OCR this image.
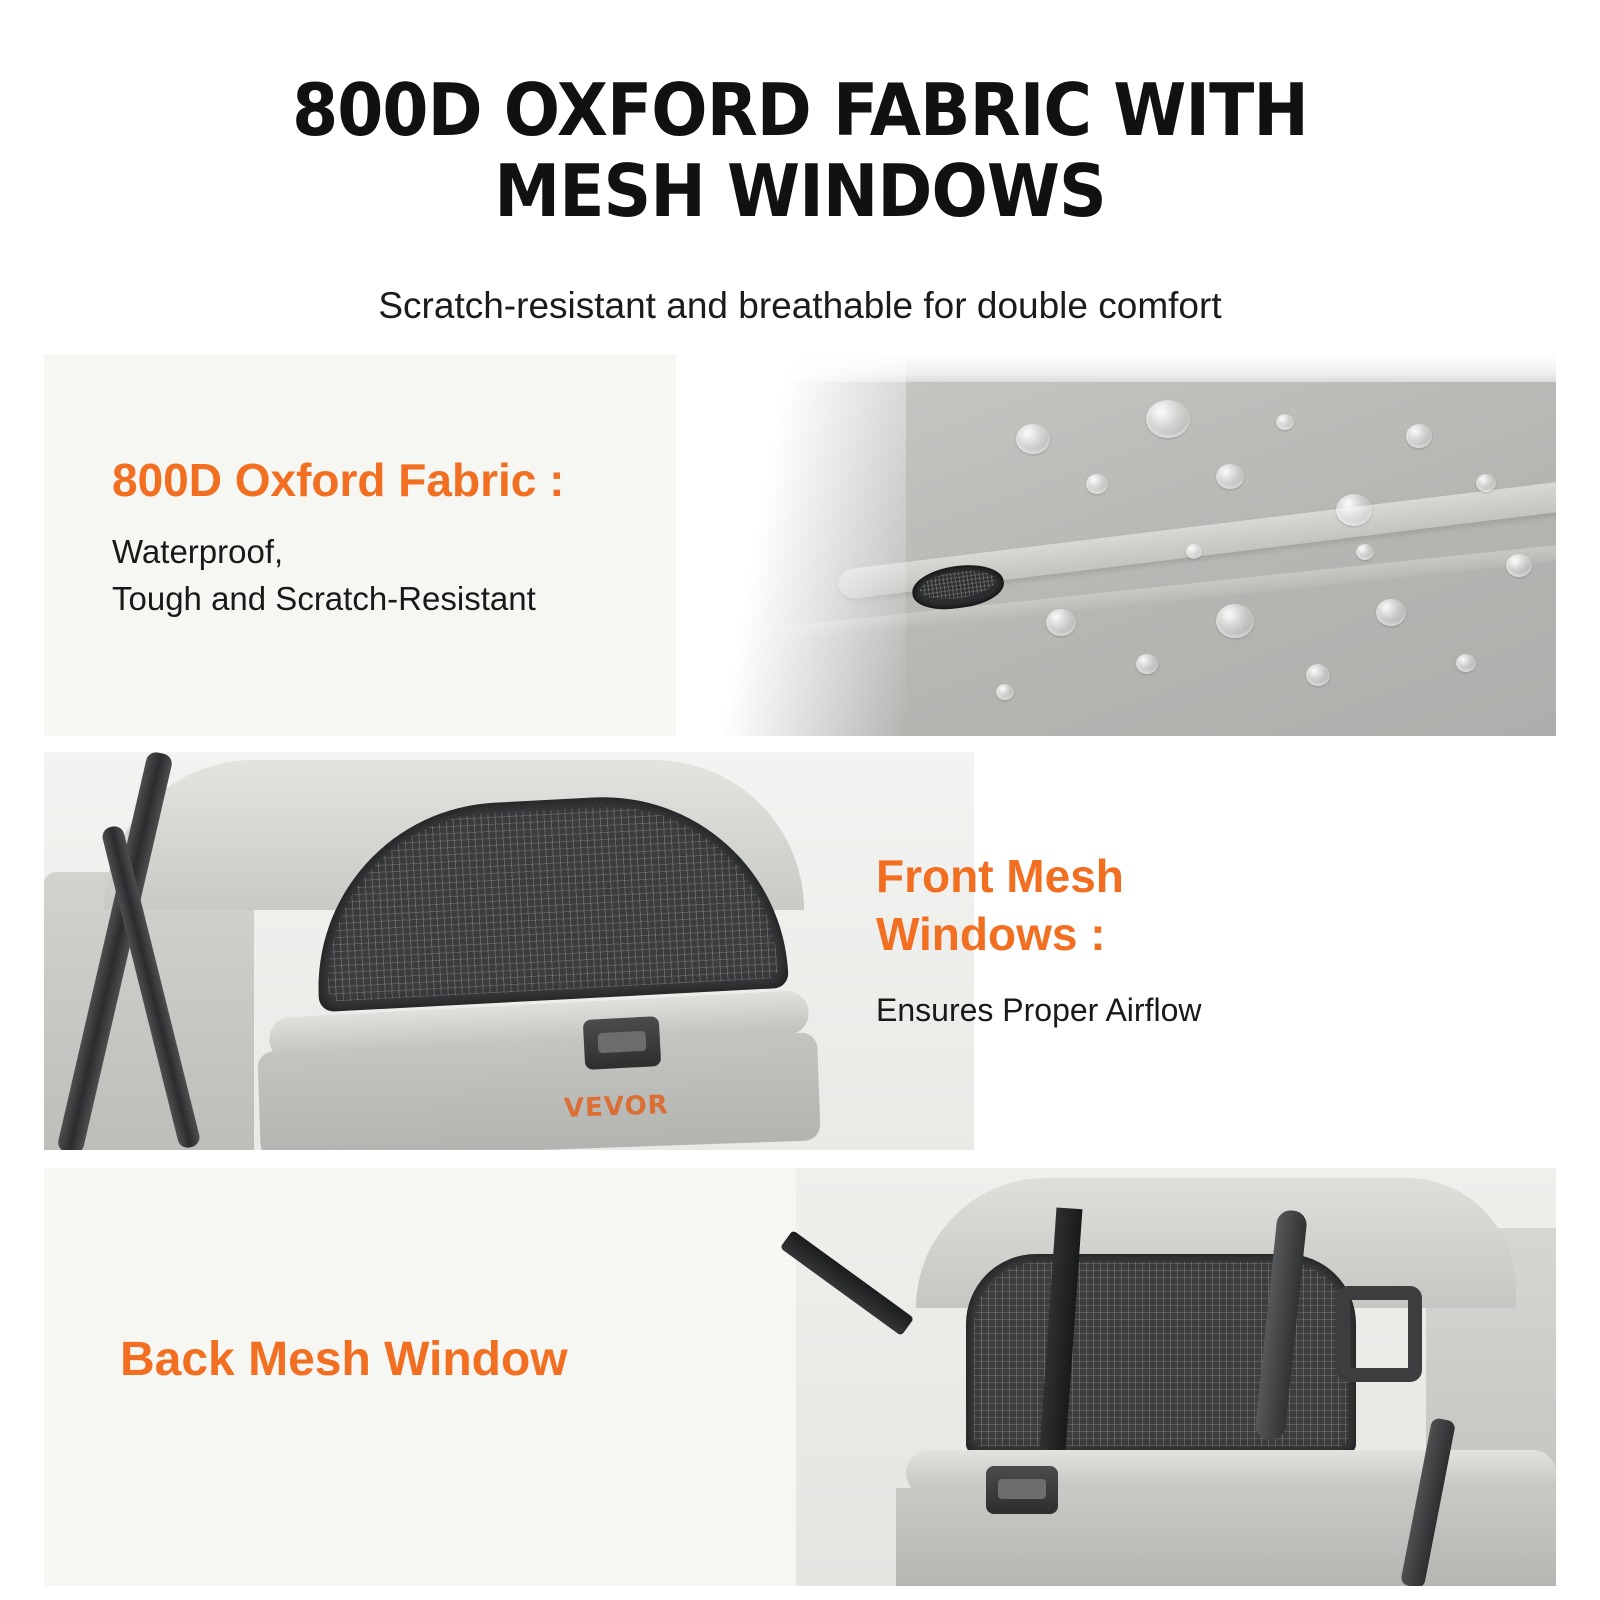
800D OXFORD FABRIC WITH
MESH WINDOWS
Scratch-resistant and breathable for double comfort
800D Oxford Fabric :
Waterproof,
Tough and Scratch-Resistant
VEVOR
Front Mesh
Windows :
Ensures Proper Airflow
Back Mesh Window
